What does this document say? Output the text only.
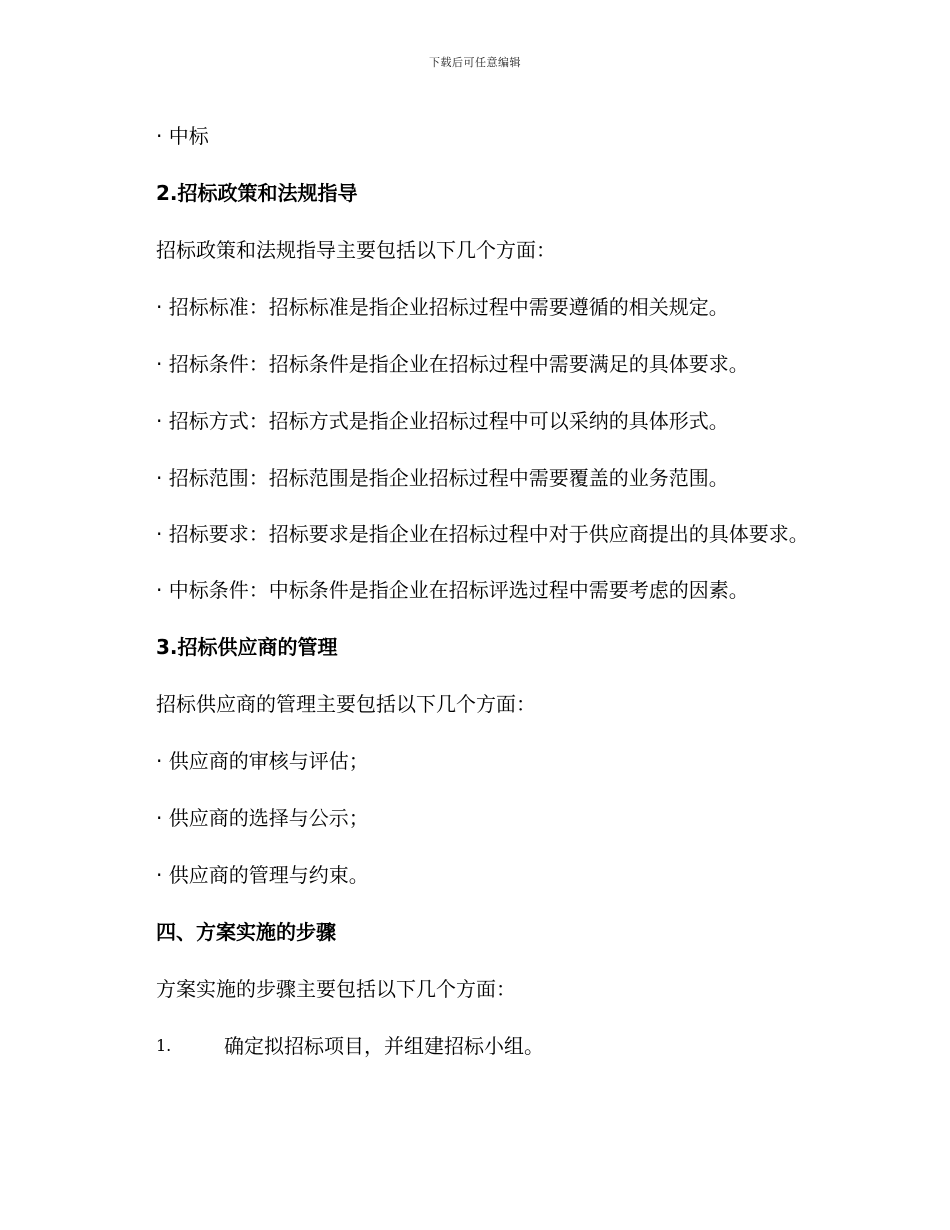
下载后可任意编辑

· 中标

2.招标政策和法规指导

招标政策和法规指导主要包括以下几个方面：

· 招标标准：招标标准是指企业招标过程中需要遵循的相关规定。

· 招标条件：招标条件是指企业在招标过程中需要满足的具体要求。

· 招标方式：招标方式是指企业招标过程中可以采纳的具体形式。

· 招标范围：招标范围是指企业招标过程中需要覆盖的业务范围。

· 招标要求：招标要求是指企业在招标过程中对于供应商提出的具体要求。

· 中标条件：中标条件是指企业在招标评选过程中需要考虑的因素。

3.招标供应商的管理

招标供应商的管理主要包括以下几个方面：

· 供应商的审核与评估；

· 供应商的选择与公示；

· 供应商的管理与约束。

四、方案实施的步骤

方案实施的步骤主要包括以下几个方面：

1.	确定拟招标项目，并组建招标小组。
